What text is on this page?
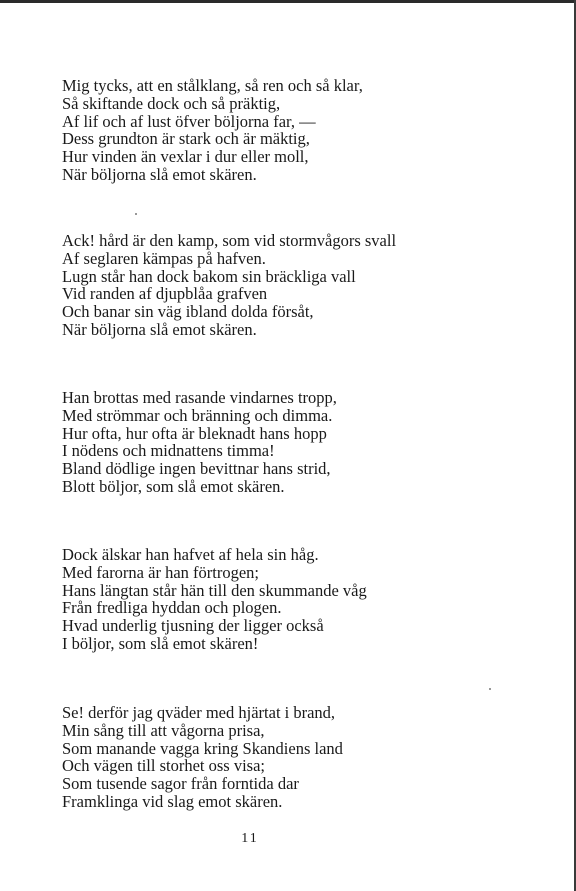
Mig tycks, att en stålklang, så ren och så klar,
Så skiftande dock och så präktig,
Af lif och af lust öfver böljorna far, —
Dess grundton är stark och är mäktig,
Hur vinden än vexlar i dur eller moll,
När böljorna slå emot skären.
Ack! hård är den kamp, som vid stormvågors svall
Af seglaren kämpas på hafven.
Lugn står han dock bakom sin bräckliga vall
Vid randen af djupblåa grafven
Och banar sin väg ibland dolda försåt,
När böljorna slå emot skären.
Han brottas med rasande vindarnes tropp,
Med strömmar och bränning och dimma.
Hur ofta, hur ofta är bleknadt hans hopp
I nödens och midnattens timma!
Bland dödlige ingen bevittnar hans strid,
Blott böljor, som slå emot skären.
Dock älskar han hafvet af hela sin håg.
Med farorna är han förtrogen;
Hans längtan står hän till den skummande våg
Från fredliga hyddan och plogen.
Hvad underlig tjusning der ligger också
I böljor, som slå emot skären!
Se! derför jag qväder med hjärtat i brand,
Min sång till att vågorna prisa,
Som manande vagga kring Skandiens land
Och vägen till storhet oss visa;
Som tusende sagor från forntida dar
Framklinga vid slag emot skären.
11
